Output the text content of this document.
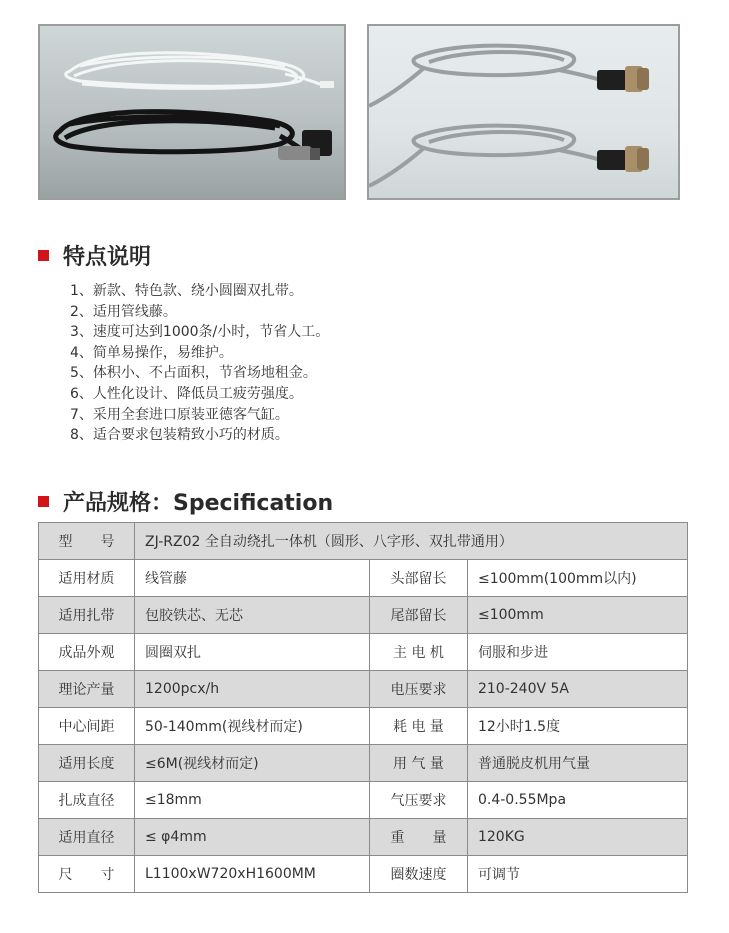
特点说明
1、新款、特色款、绕小圆圈双扎带。
2、适用管线藤。
3、速度可达到1000条/小时，节省人工。
4、简单易操作，易维护。
5、体积小、不占面积，节省场地租金。
6、人性化设计、降低员工疲劳强度。
7、采用全套进口原装亚德客气缸。
8、适合要求包装精致小巧的材质。
产品规格：Specification
型　　号	ZJ-RZ02 全自动绕扎一体机（圆形、八字形、双扎带通用）		
适用材质	线管藤	头部留长	≤100mm(100mm以内)
适用扎带	包胶铁芯、无芯	尾部留长	≤100mm
成品外观	圆圈双扎	主 电 机	伺服和步进
理论产量	1200pcx/h	电压要求	210-240V 5A
中心间距	50-140mm(视线材而定)	耗 电 量	12小时1.5度
适用长度	≤6M(视线材而定)	用 气 量	普通脱皮机用气量
扎成直径	≤18mm	气压要求	0.4-0.55Mpa
适用直径	≤ φ4mm	重　　量	120KG
尺　　寸	L1100xW720xH1600MM	圈数速度	可调节
